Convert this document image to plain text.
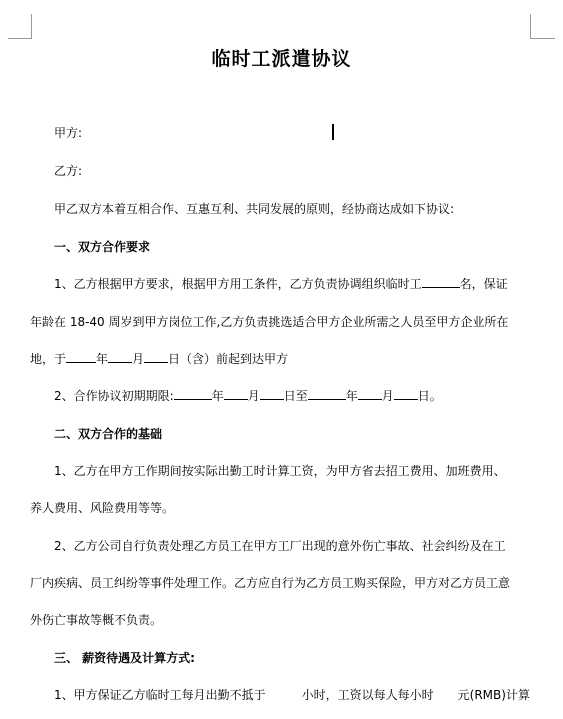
临时工派遣协议
甲方:
乙方:
甲乙双方本着互相合作、互惠互利、共同发展的原则，经协商达成如下协议:
一、双方合作要求
1、乙方根据甲方要求，根据甲方用工条件，乙方负责协调组织临时工	名，保证
年龄在 18-40 周岁到甲方岗位工作,乙方负责挑选适合甲方企业所需之人员至甲方企业所在
地，于	年 月 日（含）前起到达甲方
2、合作协议初期期限:	年 月 日至	年 月 日。
二、双方合作的基础
1、乙方在甲方工作期间按实际出勤工时计算工资，为甲方省去招工费用、加班费用、
养人费用、风险费用等等。
2、乙方公司自行负责处理乙方员工在甲方工厂出现的意外伤亡事故、社会纠纷及在工
厂内疾病、员工纠纷等事件处理工作。乙方应自行为乙方员工购买保险，甲方对乙方员工意
外伤亡事故等概不负责。
三、 薪资待遇及计算方式:
1、甲方保证乙方临时工每月出勤不抵于	小时，工资以每人每小时 元(RMB)计算
